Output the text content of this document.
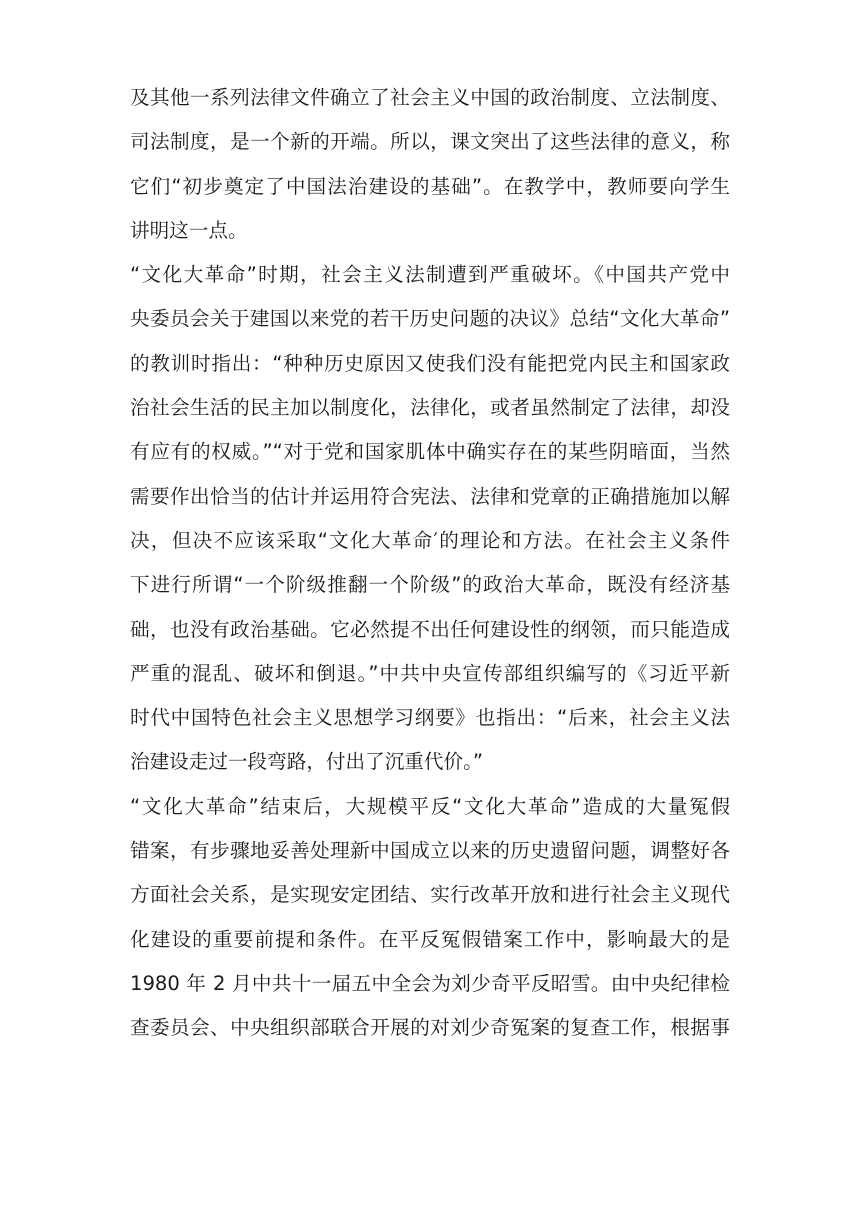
及其他一系列法律文件确立了社会主义中国的政治制度、立法制度、
司法制度，是一个新的开端。所以，课文突出了这些法律的意义，称
它们“初步奠定了中国法治建设的基础”。在教学中，教师要向学生
讲明这一点。

“文化大革命”时期，社会主义法制遭到严重破坏。《中国共产党中
央委员会关于建国以来党的若干历史问题的决议》总结“文化大革命”
的教训时指出：“种种历史原因又使我们没有能把党内民主和国家政
治社会生活的民主加以制度化，法律化，或者虽然制定了法律，却没
有应有的权威。”“对于党和国家肌体中确实存在的某些阴暗面，当然
需要作出恰当的估计并运用符合宪法、法律和党章的正确措施加以解
决，但决不应该采取“文化大革命′的理论和方法。在社会主义条件
下进行所谓“一个阶级推翻一个阶级”的政治大革命，既没有经济基
础，也没有政治基础。它必然提不出任何建设性的纲领，而只能造成
严重的混乱、破坏和倒退。”中共中央宣传部组织编写的《习近平新
时代中国特色社会主义思想学习纲要》也指出：“后来，社会主义法
治建设走过一段弯路，付出了沉重代价。”

“文化大革命”结束后，大规模平反“文化大革命”造成的大量冤假
错案，有步骤地妥善处理新中国成立以来的历史遗留问题，调整好各
方面社会关系，是实现安定团结、实行改革开放和进行社会主义现代
化建设的重要前提和条件。在平反冤假错案工作中，影响最大的是
1980 年 2 月中共十一届五中全会为刘少奇平反昭雪。由中央纪律检
查委员会、中央组织部联合开展的对刘少奇冤案的复查工作，根据事
